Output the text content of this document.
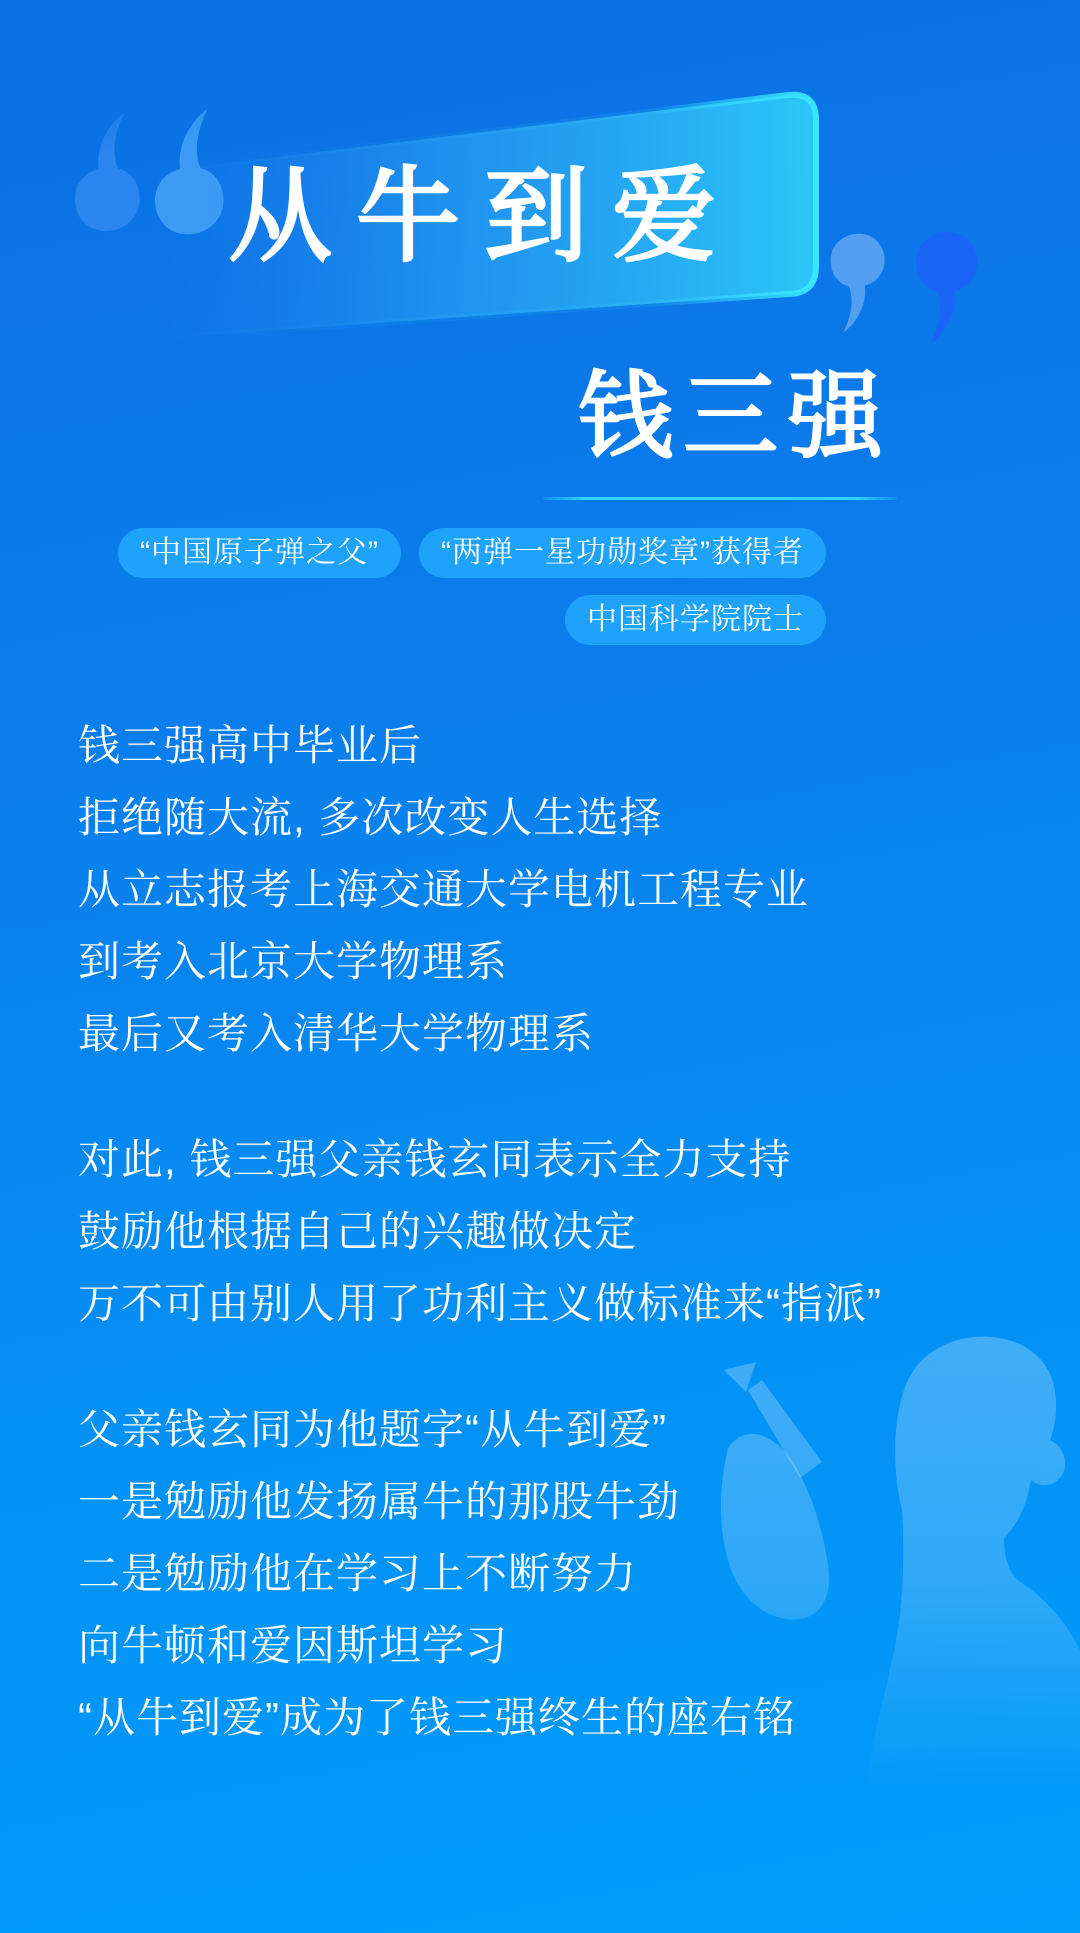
从牛到爱
钱三强
“中国原子弹之父”	“两弹一星功勋奖章”获得者
中国科学院院士

钱三强高中毕业后
拒绝随大流, 多次改变人生选择
从立志报考上海交通大学电机工程专业
到考入北京大学物理系
最后又考入清华大学物理系

对此, 钱三强父亲钱玄同表示全力支持
鼓励他根据自己的兴趣做决定
万不可由别人用了功利主义做标准来“指派”

父亲钱玄同为他题字“从牛到爱”
一是勉励他发扬属牛的那股牛劲
二是勉励他在学习上不断努力
向牛顿和爱因斯坦学习
“从牛到爱”成为了钱三强终生的座右铭
